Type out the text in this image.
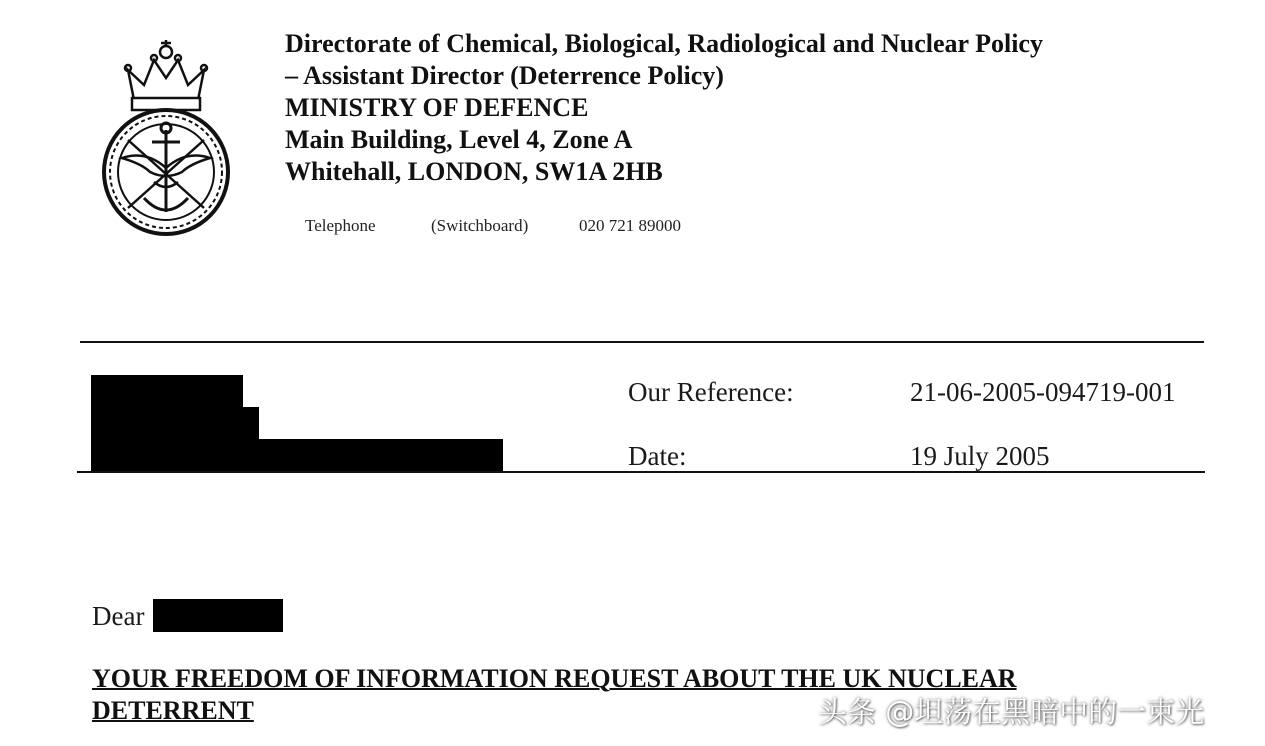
Directorate of Chemical, Biological, Radiological and Nuclear Policy
– Assistant Director (Deterrence Policy)
MINISTRY OF DEFENCE
Main Building, Level 4, Zone A
Whitehall, LONDON, SW1A 2HB
Telephone	(Switchboard)	020 721 89000
Our Reference:	21-06-2005-094719-001
Date:	19 July 2005
Dear
YOUR FREEDOM OF INFORMATION REQUEST ABOUT THE UK NUCLEAR DETERRENT	头条 @坦荡在黑暗中的一束光
